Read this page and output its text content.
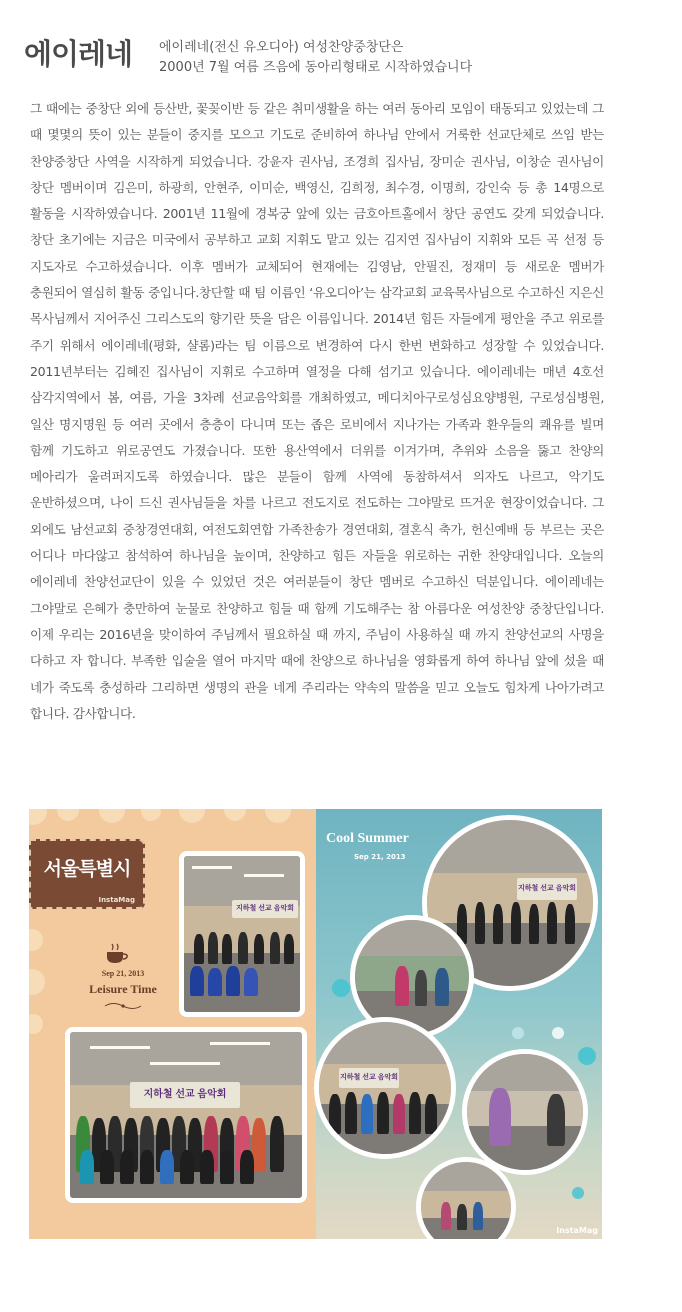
에이레네 에이레네(전신 유오디아) 여성찬양중창단은
2000년 7월 여름 즈음에 동아리형태로 시작하였습니다
그 때에는 중창단 외에 등산반, 꽃꽂이반 등 같은 취미생활을 하는 여러 동아리 모임이 태동되고 있었는데 그 때 몇몇의 뜻이 있는 분들이 중지를 모으고 기도로 준비하여 하나님 안에서 거룩한 선교단체로 쓰임 받는 찬양중창단 사역을 시작하게 되었습니다. 강윤자 권사님, 조경희 집사님, 장미순 권사님, 이창순 권사님이 창단 멤버이며 김은미, 하광희, 안현주, 이미순, 백영신, 김희정, 최수경, 이명희, 강인숙 등 총 14명으로 활동을 시작하였습니다. 2001년 11월에 경복궁 앞에 있는 금호아트홀에서 창단 공연도 갖게 되었습니다. 창단 초기에는 지금은 미국에서 공부하고 교회 지휘도 맡고 있는 김지연 집사님이 지휘와 모든 곡 선정 등 지도자로 수고하셨습니다. 이후 멤버가 교체되어 현재에는 김영남, 안필진, 정재미 등 새로운 멤버가 충원되어 열심히 활동 중입니다.창단할 때 팀 이름인 ‘유오디아’는 삼각교회 교육목사님으로 수고하신 지은신 목사님께서 지어주신 그리스도의 향기란 뜻을 담은 이름입니다. 2014년 힘든 자들에게 평안을 주고 위로를 주기 위해서 에이레네(평화, 샬롬)라는 팀 이름으로 변경하여 다시 한번 변화하고 성장할 수 있었습니다. 2011년부터는 김혜진 집사님이 지휘로 수고하며 열정을 다해 섬기고 있습니다. 에이레네는 매년 4호선 삼각지역에서 봄, 여름, 가을 3차례 선교음악회를 개최하였고, 메디치아구로성심요양병원, 구로성심병원, 일산 명지명원 등 여러 곳에서 층층이 다니며 또는 좁은 로비에서 지나가는 가족과 환우들의 쾌유를 빌며 함께 기도하고 위로공연도 가졌습니다. 또한 용산역에서 더위를 이겨가며, 추위와 소음을 뚫고 찬양의 메아리가 울려퍼지도록 하였습니다. 많은 분들이 함께 사역에 동참하셔서 의자도 나르고, 악기도 운반하셨으며, 나이 드신 권사님들을 차를 나르고 전도지로 전도하는 그야말로 뜨거운 현장이었습니다. 그 외에도 남선교회 중창경연대회, 여전도회연합 가족찬송가 경연대회, 결혼식 축가, 헌신예배 등 부르는 곳은 어디나 마다않고 참석하여 하나님을 높이며, 찬양하고 힘든 자들을 위로하는 귀한 찬양대입니다. 오늘의 에이레네 찬양선교단이 있을 수 있었던 것은 여러분들이 창단 멤버로 수고하신 덕분입니다. 에이레네는 그야말로 은혜가 충만하여 눈물로 찬양하고 힘들 때 함께 기도해주는 참 아름다운 여성찬양 중창단입니다. 이제 우리는 2016년을 맞이하여 주님께서 필요하실 때 까지, 주님이 사용하실 때 까지 찬양선교의 사명을 다하고 자 합니다. 부족한 입술을 열어 마지막 때에 찬양으로 하나님을 영화롭게 하여 하나님 앞에 섰을 때 네가 죽도록 충성하라 그리하면 생명의 관을 네게 주리라는 약속의 말씀을 믿고 오늘도 힘차게 나아가려고 합니다. 감사합니다.
서울특별시
InstaMag
Sep 21, 2013
Leisure Time
지하철 선교 음악회
지하철 선교 음악회
Cool Summer
Sep 21, 2013
지하철 선교 음악회
지하철 선교 음악회
InstaMag
